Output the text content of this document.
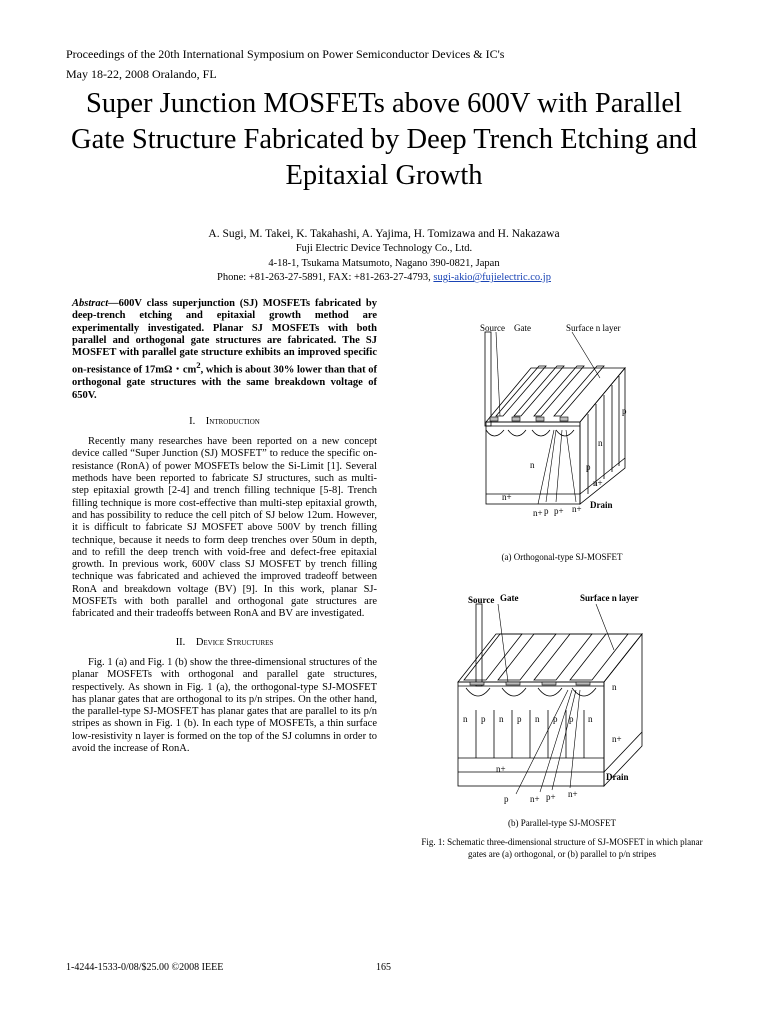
Proceedings of the 20th International Symposium on Power Semiconductor Devices & IC's
May 18-22, 2008 Oralando, FL
Super Junction MOSFETs above 600V with Parallel
Gate Structure Fabricated by Deep Trench Etching and
Epitaxial Growth
A. Sugi, M. Takei, K. Takahashi, A. Yajima, H. Tomizawa and H. Nakazawa
Fuji Electric Device Technology Co., Ltd.
4-18-1, Tsukama Matsumoto, Nagano 390-0821, Japan
Phone: +81-263-27-5891, FAX: +81-263-27-4793, sugi-akio@fujielectric.co.jp

Abstract—600V class superjunction (SJ) MOSFETs fabricated by deep-trench etching and epitaxial growth method are experimentally investigated. Planar SJ MOSFETs with both parallel and orthogonal gate structures are fabricated. The SJ MOSFET with parallel gate structure exhibits an improved specific on-resistance of 17mΩ・$cm^2$, which is about 30% lower than that of orthogonal gate structures with the same breakdown voltage of 650V.

I. Introduction

Recently many researches have been reported on a new concept device called “Super Junction (SJ) MOSFET” to reduce the specific on-resistance (RonA) of power MOSFETs below the Si-Limit [1]. Several methods have been reported to fabricate SJ structures, such as multi-step epitaxial growth [2-4] and trench filling technique [5-8]. Trench filling technique is more cost-effective than multi-step epitaxial growth, and has possibility to reduce the cell pitch of SJ below 12um. However, it is difficult to fabricate SJ MOSFET above 500V by trench filling technique, because it needs to form deep trenches over 50um in depth, and to refill the deep trench with void-free and defect-free epitaxial growth. In previous work, 600V class SJ MOSFET by trench filling technique was fabricated and achieved the improved tradeoff between RonA and breakdown voltage (BV) [9]. In this work, planar SJ-MOSFETs with both parallel and orthogonal gate structures are fabricated and their tradeoffs between RonA and BV are investigated.

II. Device Structures

Fig. 1 (a) and Fig. 1 (b) show the three-dimensional structures of the planar MOSFETs with orthogonal and parallel gate structures, respectively. As shown in Fig. 1 (a), the orthogonal-type SJ-MOSFET has planar gates that are orthogonal to its p/n stripes. On the other hand, the parallel-type SJ-MOSFET has planar gates that are parallel to its p/n stripes as shown in Fig. 1 (b). In each type of MOSFETs, a thin surface low-resistivity n layer is formed on the top of the SJ columns in order to avoid the increase of RonA.

Source Gate	Surface n layer
n
n+
Drain
p
n
p
n+
n+ p p+ n+
(a) Orthogonal-type SJ-MOSFET
Source Gate	Surface n layer
n p n p n p p n
n
n+
n+
Drain
p n+ p+ n+
(b) Parallel-type SJ-MOSFET
Fig. 1: Schematic three-dimensional structure of SJ-MOSFET in which planar
gates are (a) orthogonal, or (b) parallel to p/n stripes
1-4244-1533-0/08/$25.00 ©2008 IEEE	165
